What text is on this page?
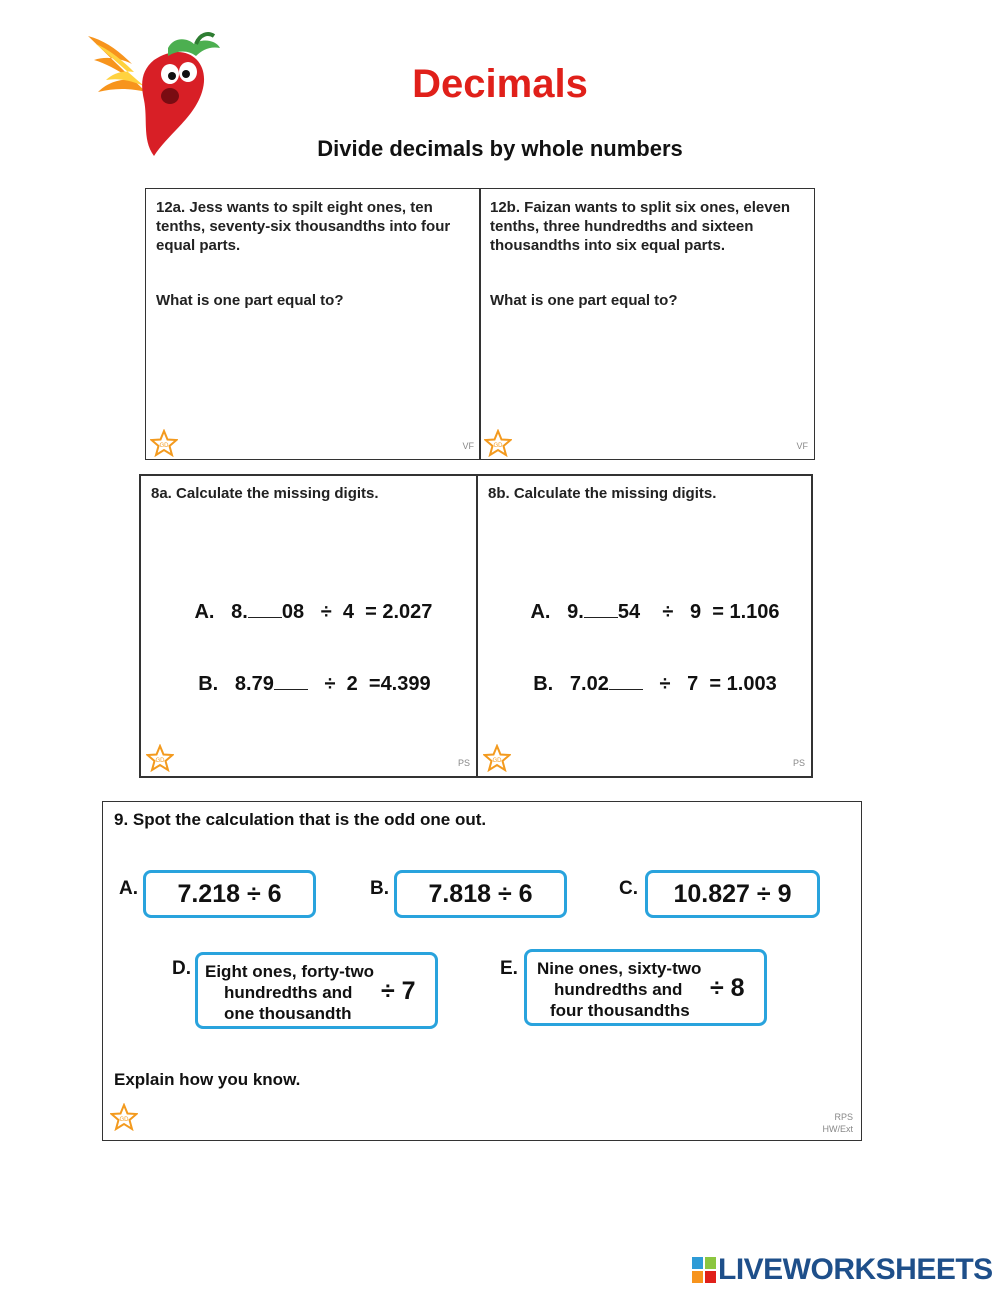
Decimals
Divide decimals by whole numbers
12a. Jess wants to spilt eight ones, ten tenths, seventy-six thousandths into four equal parts.
What is one part equal to?
GD	VF
12b. Faizan wants to split six ones, eleven tenths, three hundredths and sixteen thousandths into six equal parts.
What is one part equal to?
GD	VF
8a. Calculate the missing digits.

A. 8. 08 ÷ 4 = 2.027

B. 8.79	÷ 2 =4.399

GD	PS
8b. Calculate the missing digits.

A. 9. 54 ÷ 9 = 1.106

B. 7.02	÷ 7 = 1.003

GD	PS
9. Spot the calculation that is the odd one out.
A.	7.218 ÷ 6	B.	7.818 ÷ 6	C.	10.827 ÷ 9
D. Eight ones, forty-two
hundredths and
one thousandth
÷ 7
E. Nine ones, sixty-two
hundredths and
four thousandths
÷ 8
Explain how you know.
GD	RPS
HW/Ext
LIVEWORKSHEETS
